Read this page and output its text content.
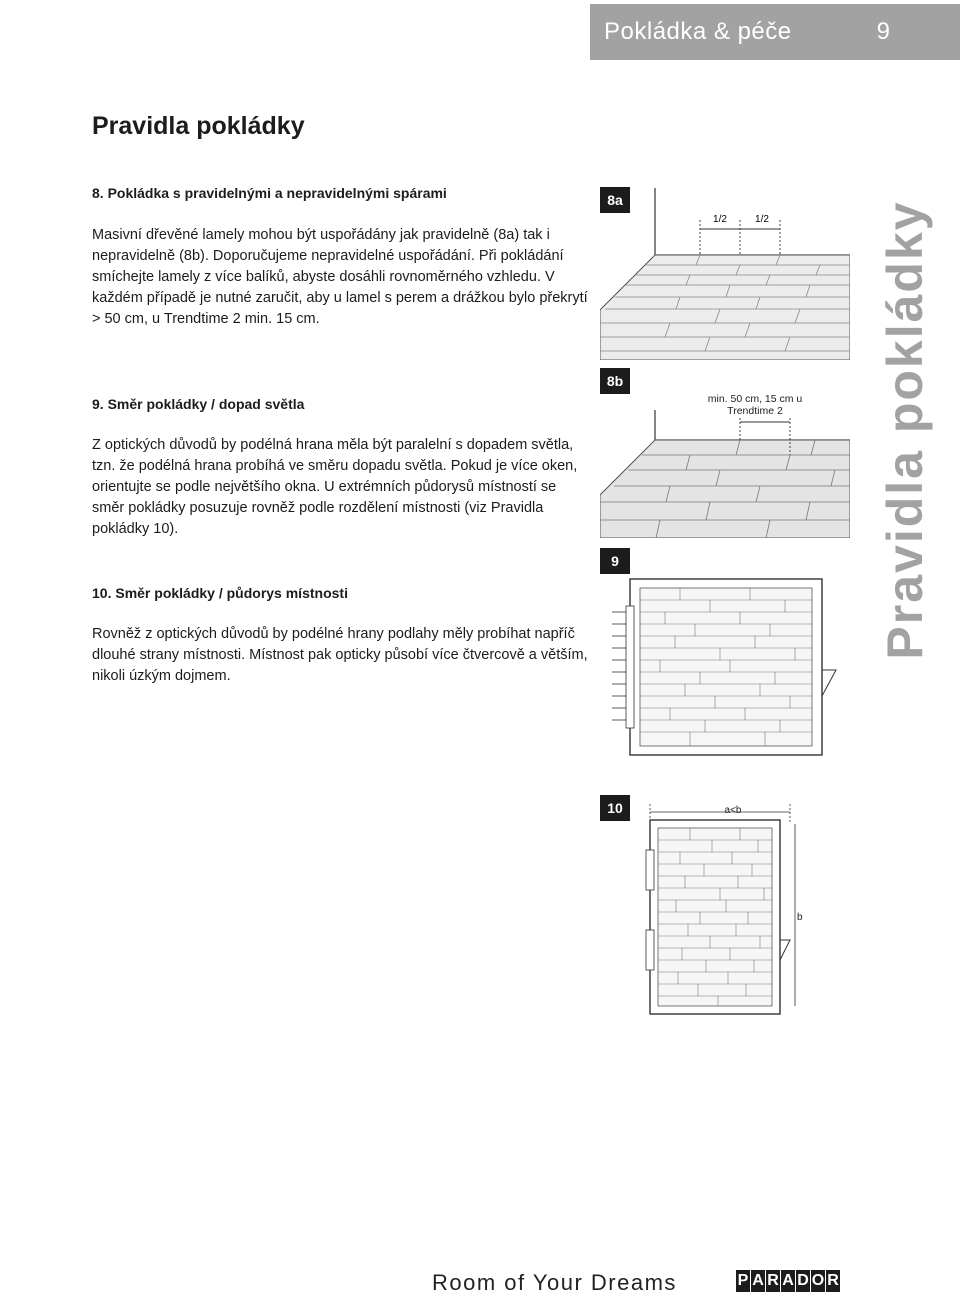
Pokládka & péče	9
Pravidla pokládky

8. Pokládka s pravidelnými a nepravidelnými spárami

Masivní dřevěné lamely mohou být uspořádány jak pravidelně (8a) tak i nepravidelně (8b). Doporučujeme nepravidelné uspořádání. Při pokládání smíchejte lamely z více balíků, abyste dosáhli rovnoměrného vzhledu. V každém případě je nutné zaručit, aby u lamel s perem a drážkou bylo překrytí > 50 cm, u Trendtime 2 min. 15 cm.

9. Směr pokládky / dopad světla

Z optických důvodů by podélná hrana měla být paralelní s dopadem světla, tzn. že podélná hrana probíhá ve směru dopadu světla. Pokud je více oken, orientujte se podle největšího okna. U extrémních půdorysů místností se směr pokládky posuzuje rovněž podle rozdělení místnosti (viz Pravidla pokládky 10).

10. Směr pokládky / půdorys místnosti

Rovněž z optických důvodů by podélné hrany podlahy měly probíhat napříč dlouhé strany místnosti. Místnost pak opticky působí více čtvercově a větším, nikoli úzkým dojmem.

Pravidla pokládky
8a
1/2	1/2
8b
min. 50 cm, 15 cm u Trendtime 2
9
10	a<b
b
Room of Your Dreams	P A R A D O R
